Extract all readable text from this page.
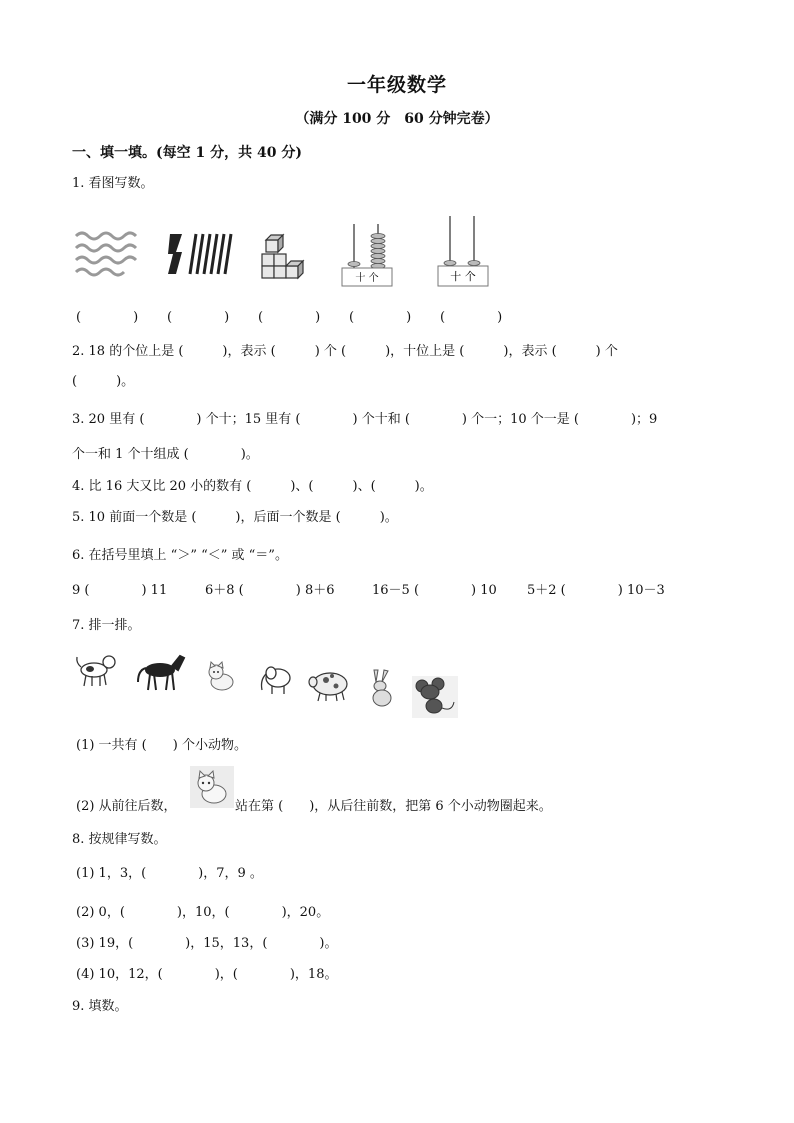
一年级数学
（满分 100 分　60 分钟完卷）
一、填一填。(每空 1 分，共 40 分)
1. 看图写数。
十 个	十 个
(　　　　) (　　　　) (　　　　) (　　　　) (　　　　)
2. 18 的个位上是 (　　　)，表示 (　　　) 个 (　　　)，十位上是 (　　　)，表示 (　　　) 个
(　　　)。
3. 20 里有 (　　　　) 个十；15 里有 (　　　　) 个十和 (　　　　) 个一；10 个一是 (　　　　)；9
个一和 1 个十组成 (　　　　)。
4. 比 16 大又比 20 小的数有 (　　　)、(　　　)、(　　　)。
5. 10 前面一个数是 (　　　)，后面一个数是 (　　　)。
6. 在括号里填上 “＞” “＜” 或 “＝”。
9 (　　　　) 11	6＋8 (　　　　) 8＋6	16－5 (　　　　) 10 5＋2 (　　　　) 10－3
7. 排一排。
(1) 一共有 (　　) 个小动物。
(2) 从前往后数，	站在第 (　　)，从后往前数，把第 6 个小动物圈起来。
8. 按规律写数。
(1) 1，3，(　　　　)，7，9 。
(2) 0，(　　　　)，10，(　　　　)，20。
(3) 19，(　　　　)，15，13，(　　　　)。
(4) 10，12，(　　　　)，(　　　　)，18。
9. 填数。
